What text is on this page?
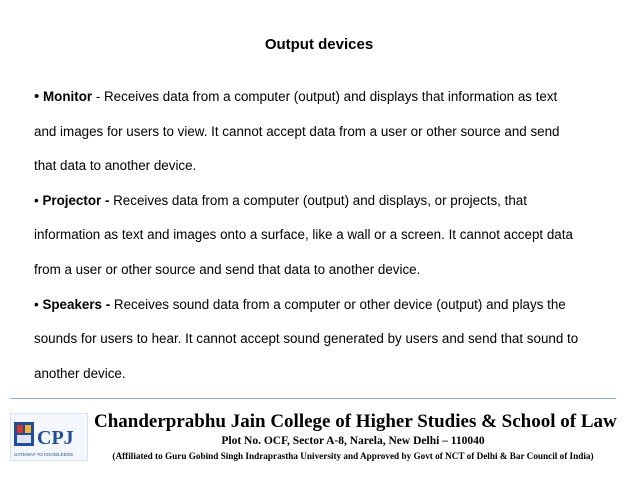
Output devices

• Monitor - Receives data from a computer (output) and displays that information as text

and images for users to view. It cannot accept data from a user or other source and send

that data to another device.

• Projector - Receives data from a computer (output) and displays, or projects, that

information as text and images onto a surface, like a wall or a screen. It cannot accept data

from a user or other source and send that data to another device.

• Speakers - Receives sound data from a computer or other device (output) and plays the

sounds for users to hear. It cannot accept sound generated by users and send that sound to

another device.

CPJ
GATEWAY TO KNOWLEDGE
Chanderprabhu Jain College of Higher Studies & School of Law
Plot No. OCF, Sector A-8, Narela, New Delhi – 110040
(Affiliated to Guru Gobind Singh Indraprastha University and Approved by Govt of NCT of Delhi & Bar Council of India)
